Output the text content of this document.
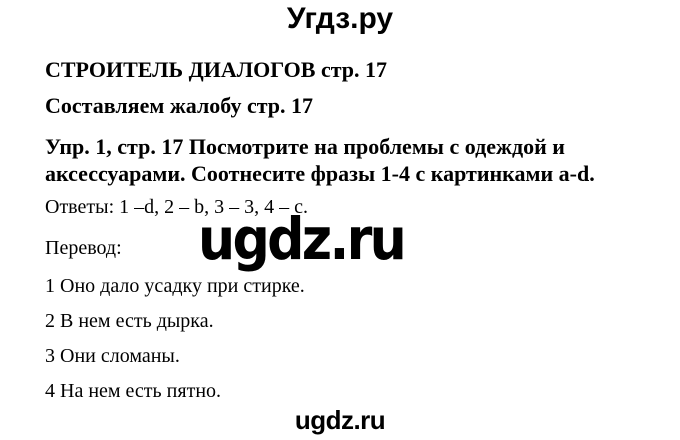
Угдз.ру
СТРОИТЕЛЬ ДИАЛОГОВ стр. 17
Составляем жалобу стр. 17
Упр. 1, стр. 17 Посмотрите на проблемы с одеждой и
аксессуарами. Соотнесите фразы 1-4 с картинками a-d.
Ответы: 1 –d, 2 – b, 3 – 3, 4 – c.
ugdz.ru
Перевод:
1 Оно дало усадку при стирке.
2 В нем есть дырка.
3 Они сломаны.
4 На нем есть пятно.
ugdz.ru
